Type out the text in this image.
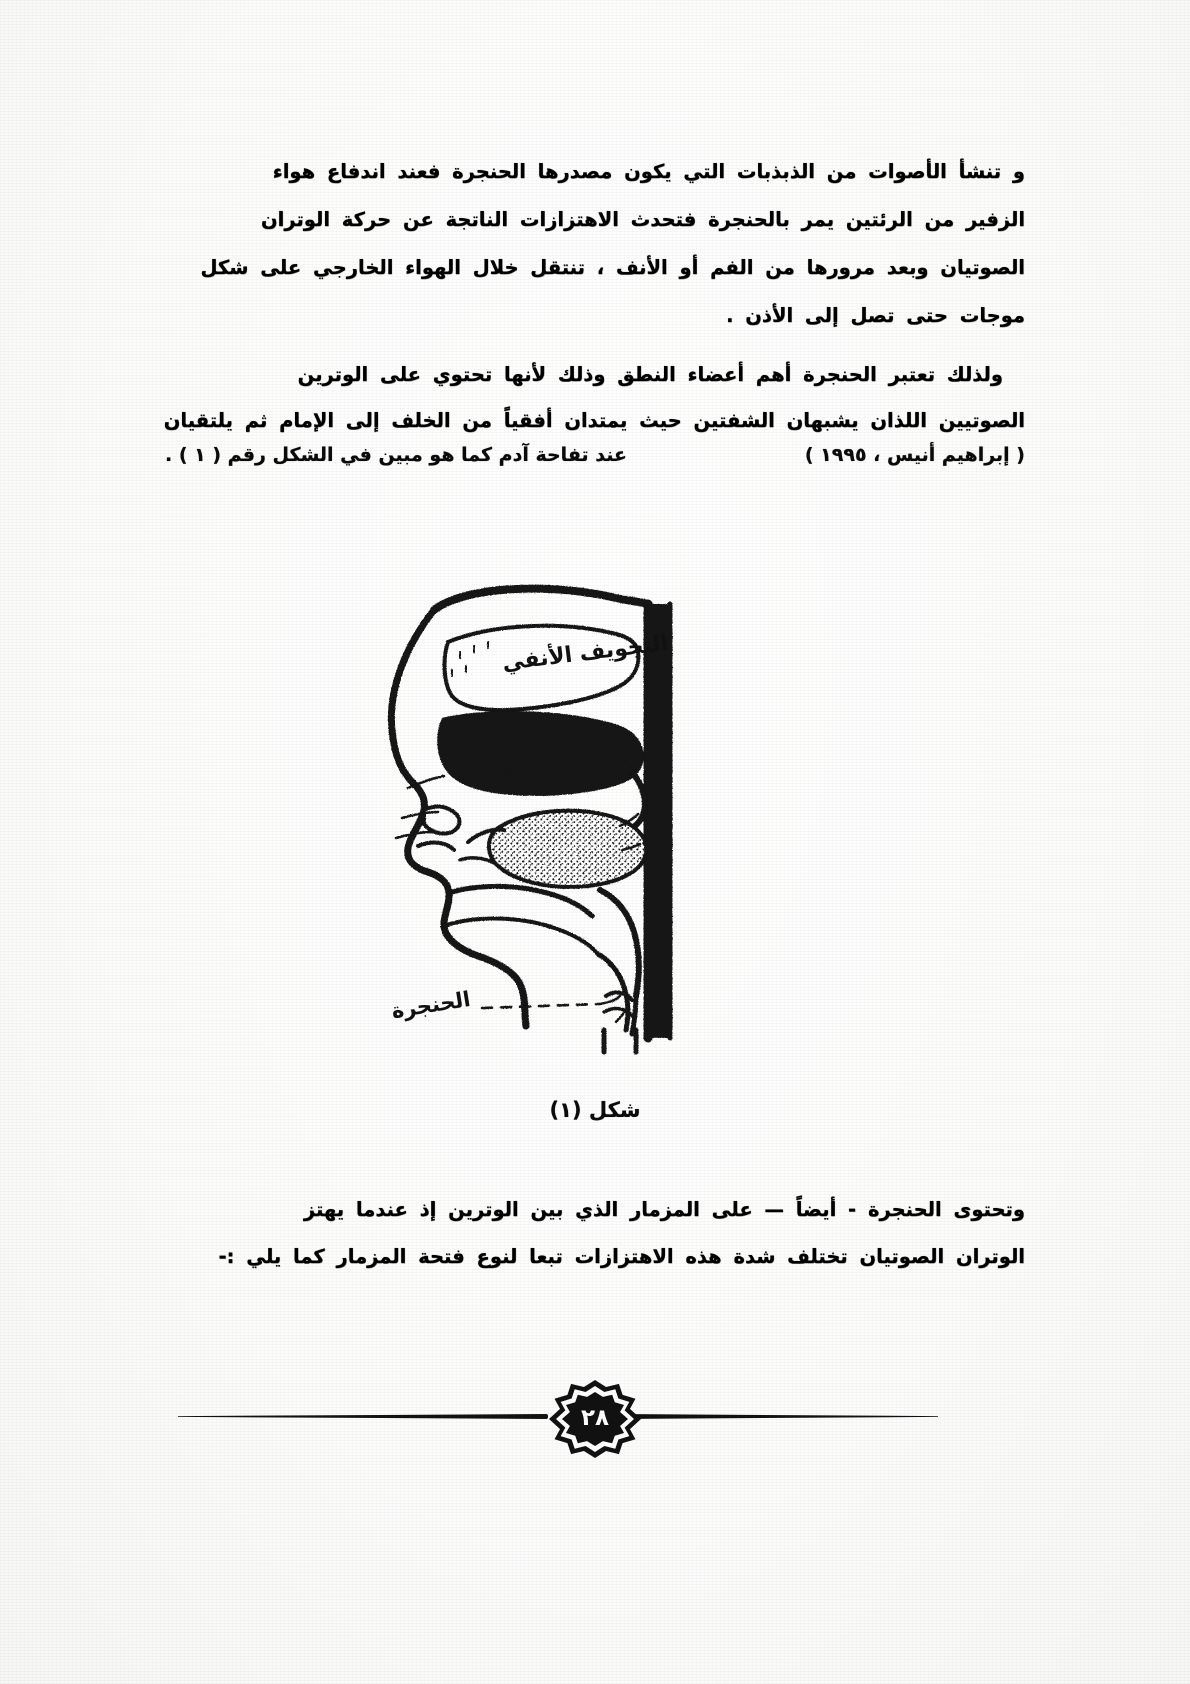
و تنشأ الأصوات من الذبذبات التي يكون مصدرها الحنجرة فعند اندفاع هواء
الزفير من الرئتين يمر بالحنجرة فتحدث الاهتزازات الناتجة عن حركة الوتران
الصوتيان وبعد مرورها من الفم أو الأنف ، تنتقل خلال الهواء الخارجي على شكل
موجات حتى تصل إلى الأذن .
ولذلك تعتبر الحنجرة أهم أعضاء النطق وذلك لأنها تحتوي على الوترين
الصوتيين اللذان يشبهان الشفتين حيث يمتدان أفقياً من الخلف إلى الإمام ثم يلتقيان
( إبراهيم أنيس ، ١٩٩٥ )
عند تفاحة آدم كما هو مبين في الشكل رقم ( ١ ) .
التجويف الأنفي
الحنجرة
شكل (١)
وتحتوى الحنجرة - أيضاً — على المزمار الذي بين الوترين إذ عندما يهتز
الوتران الصوتيان تختلف شدة هذه الاهتزازات تبعا لنوع فتحة المزمار كما يلي :-
٢٨
